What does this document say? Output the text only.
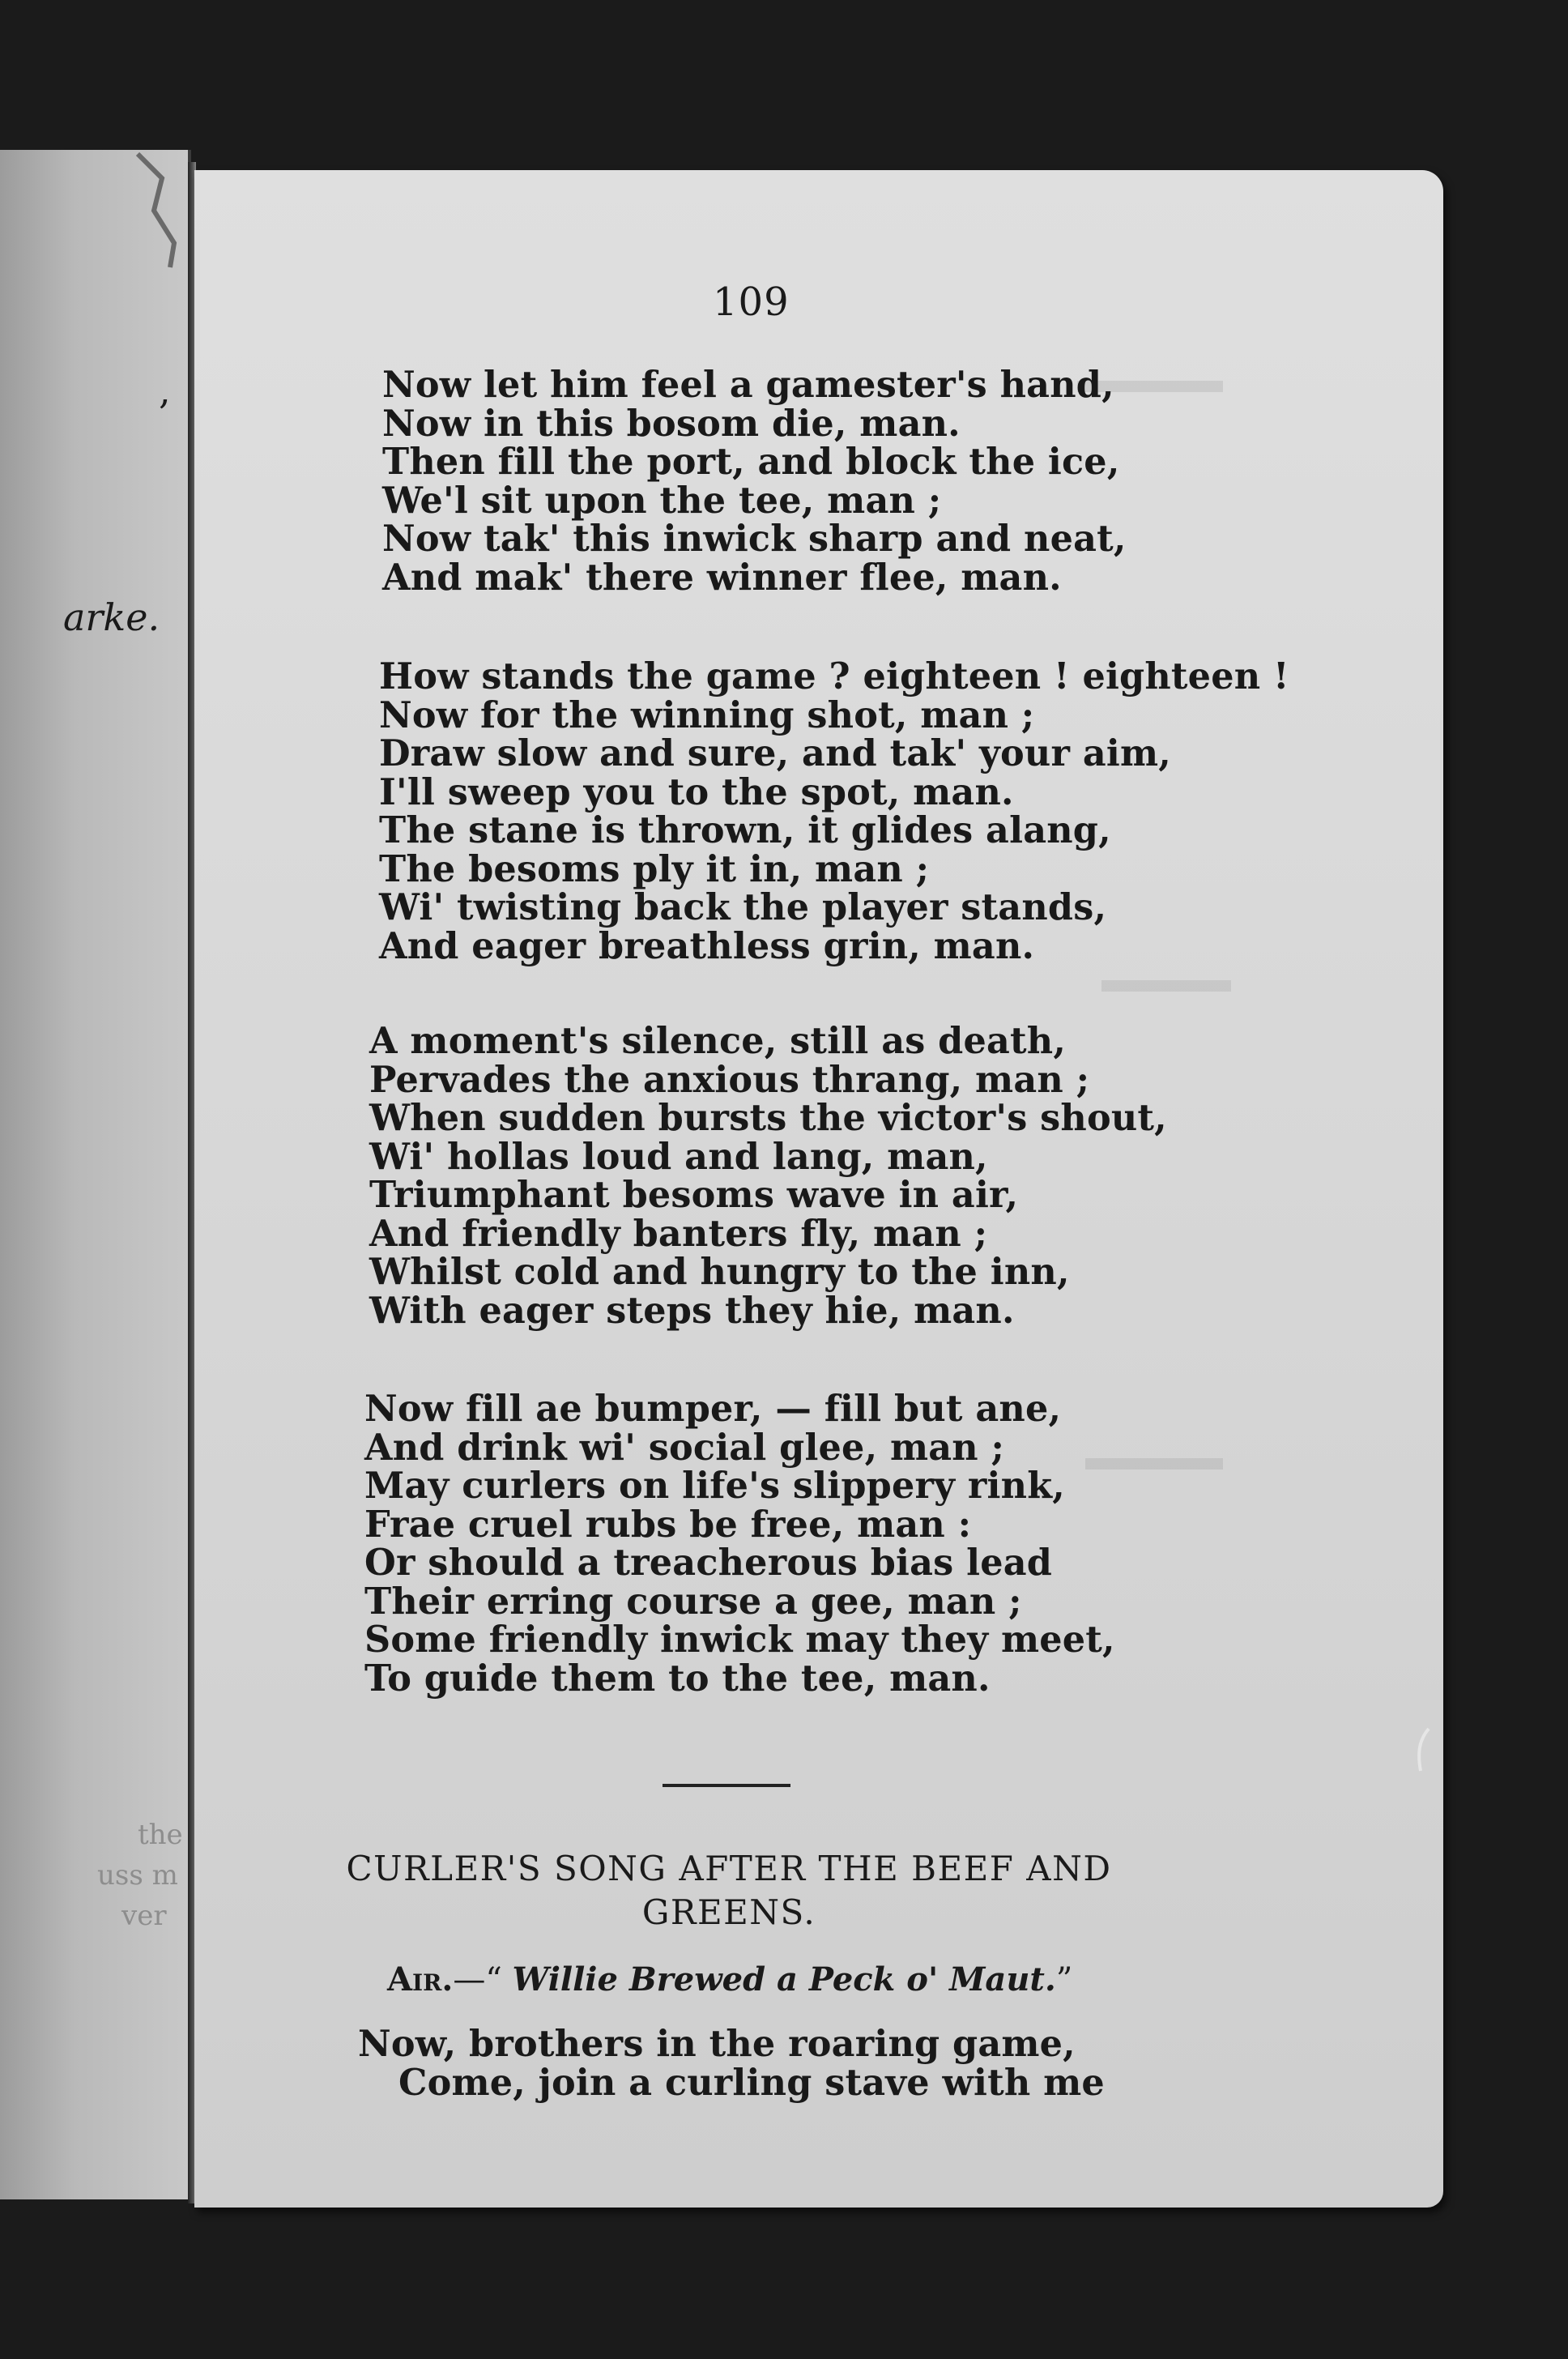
,
arke.
the
uss m
ver
109
Now let him feel a gamester's hand,
Now in this bosom die, man.
Then fill the port, and block the ice,
We'l sit upon the tee, man ;
Now tak' this inwick sharp and neat,
And mak' there winner flee, man.
How stands the game ? eighteen ! eighteen !
Now for the winning shot, man ;
Draw slow and sure, and tak' your aim,
I'll sweep you to the spot, man.
The stane is thrown, it glides alang,
The besoms ply it in, man ;
Wi' twisting back the player stands,
And eager breathless grin, man.
A moment's silence, still as death,
Pervades the anxious thrang, man ;
When sudden bursts the victor's shout,
Wi' hollas loud and lang, man,
Triumphant besoms wave in air,
And friendly banters fly, man ;
Whilst cold and hungry to the inn,
With eager steps they hie, man.
Now fill ae bumper, — fill but ane,
And drink wi' social glee, man ;
May curlers on life's slippery rink,
Frae cruel rubs be free, man :
Or should a treacherous bias lead
Their erring course a gee, man ;
Some friendly inwick may they meet,
To guide them to the tee, man.
CURLER'S SONG AFTER THE BEEF AND
GREENS.
Air.—“ Willie Brewed a Peck o' Maut.”
Now, brothers in the roaring game,
Come, join a curling stave with me
